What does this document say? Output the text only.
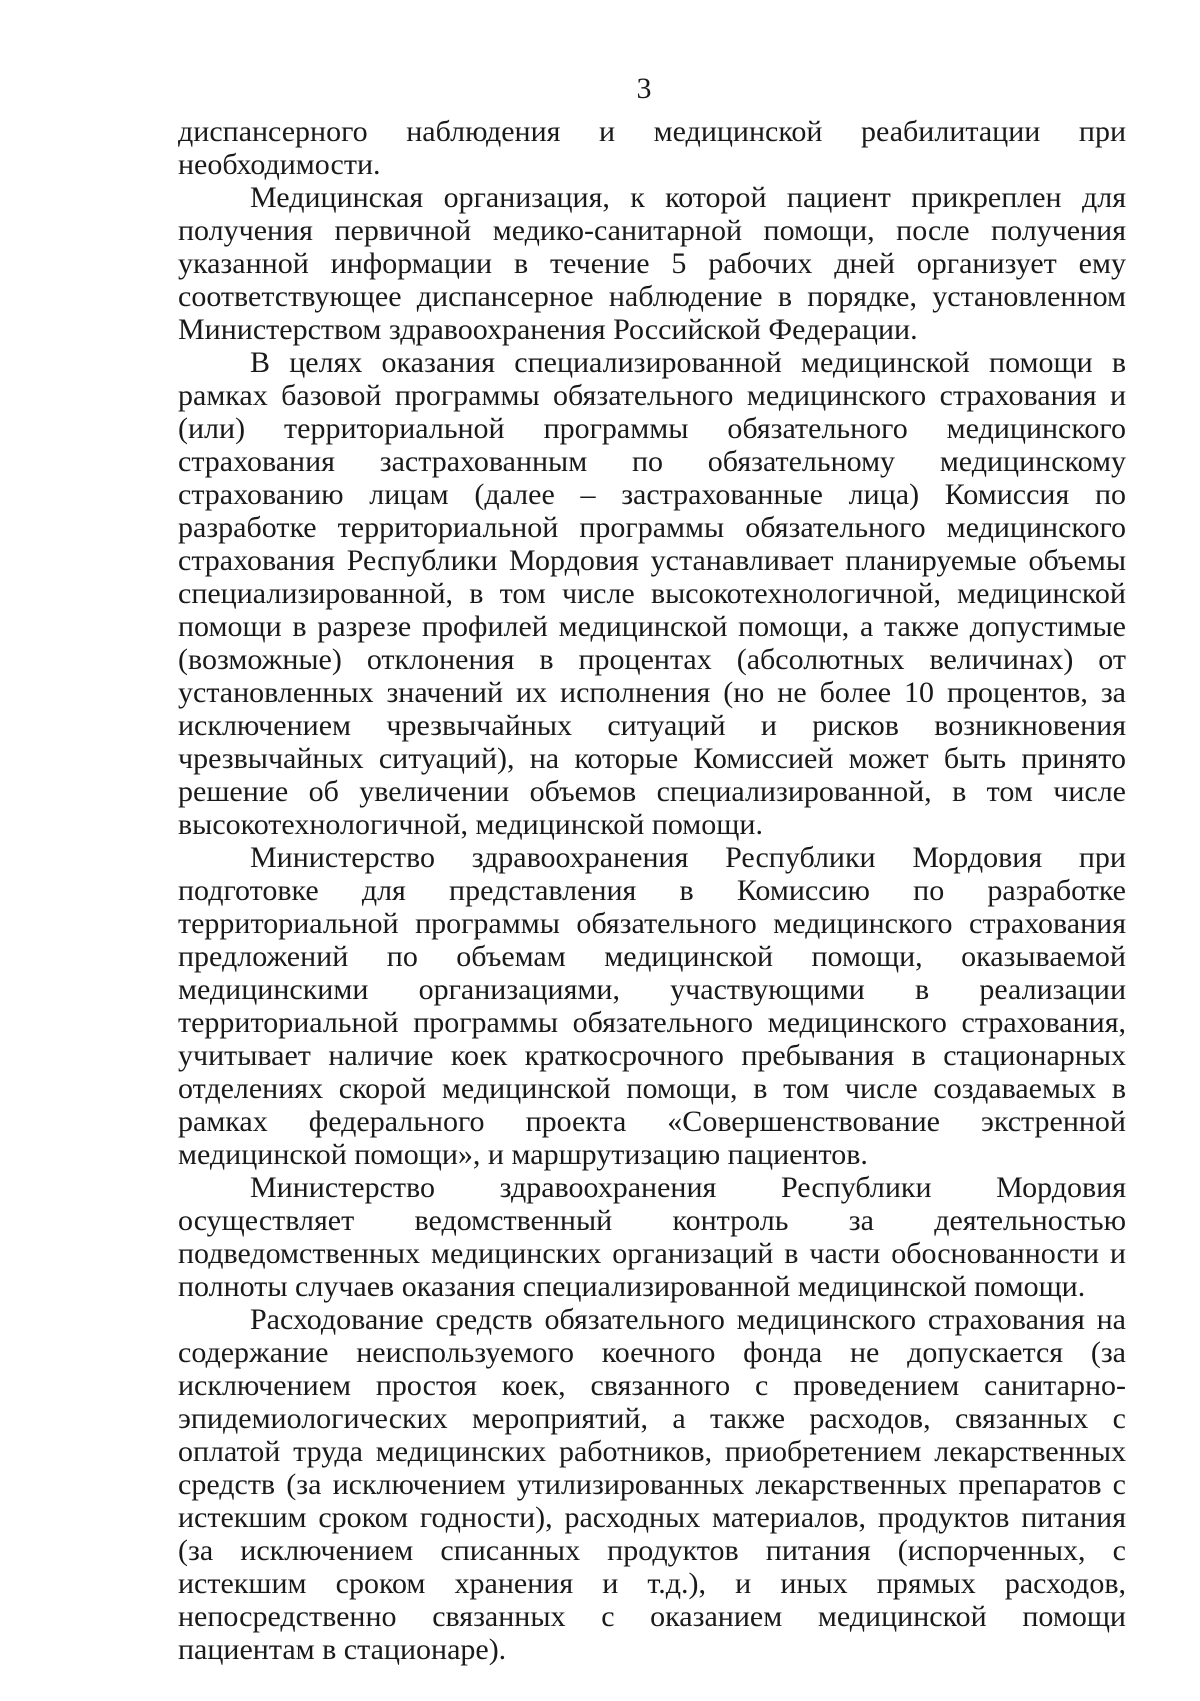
3

диспансерного наблюдения и медицинской реабилитации при необходимости.

Медицинская организация, к которой пациент прикреплен для получения первичной медико-санитарной помощи, после получения указанной информации в течение 5 рабочих дней организует ему соответствующее диспансерное наблюдение в порядке, установленном Министерством здравоохранения Российской Федерации.

В целях оказания специализированной медицинской помощи в рамках базовой программы обязательного медицинского страхования и (или) территориальной программы обязательного медицинского страхования застрахованным по обязательному медицинскому страхованию лицам (далее – застрахованные лица) Комиссия по разработке территориальной программы обязательного медицинского страхования Республики Мордовия устанавливает планируемые объемы специализированной, в том числе высокотехнологичной, медицинской помощи в разрезе профилей медицинской помощи, а также допустимые (возможные) отклонения в процентах (абсолютных величинах) от установленных значений их исполнения (но не более 10 процентов, за исключением чрезвычайных ситуаций и рисков возникновения чрезвычайных ситуаций), на которые Комиссией может быть принято решение об увеличении объемов специализированной, в том числе высокотехнологичной, медицинской помощи.

Министерство здравоохранения Республики Мордовия при подготовке для представления в Комиссию по разработке территориальной программы обязательного медицинского страхования предложений по объемам медицинской помощи, оказываемой медицинскими организациями, участвующими в реализации территориальной программы обязательного медицинского страхования, учитывает наличие коек краткосрочного пребывания в стационарных отделениях скорой медицинской помощи, в том числе создаваемых в рамках федерального проекта «Совершенствование экстренной медицинской помощи», и маршрутизацию пациентов.

Министерство здравоохранения Республики Мордовия осуществляет ведомственный контроль за деятельностью подведомственных медицинских организаций в части обоснованности и полноты случаев оказания специализированной медицинской помощи.

Расходование средств обязательного медицинского страхования на содержание неиспользуемого коечного фонда не допускается (за исключением простоя коек, связанного с проведением санитарно-эпидемиологических мероприятий, а также расходов, связанных с оплатой труда медицинских работников, приобретением лекарственных средств (за исключением утилизированных лекарственных препаратов с истекшим сроком годности), расходных материалов, продуктов питания (за исключением списанных продуктов питания (испорченных, с истекшим сроком хранения и т.д.), и иных прямых расходов, непосредственно связанных с оказанием медицинской помощи пациентам в стационаре).
